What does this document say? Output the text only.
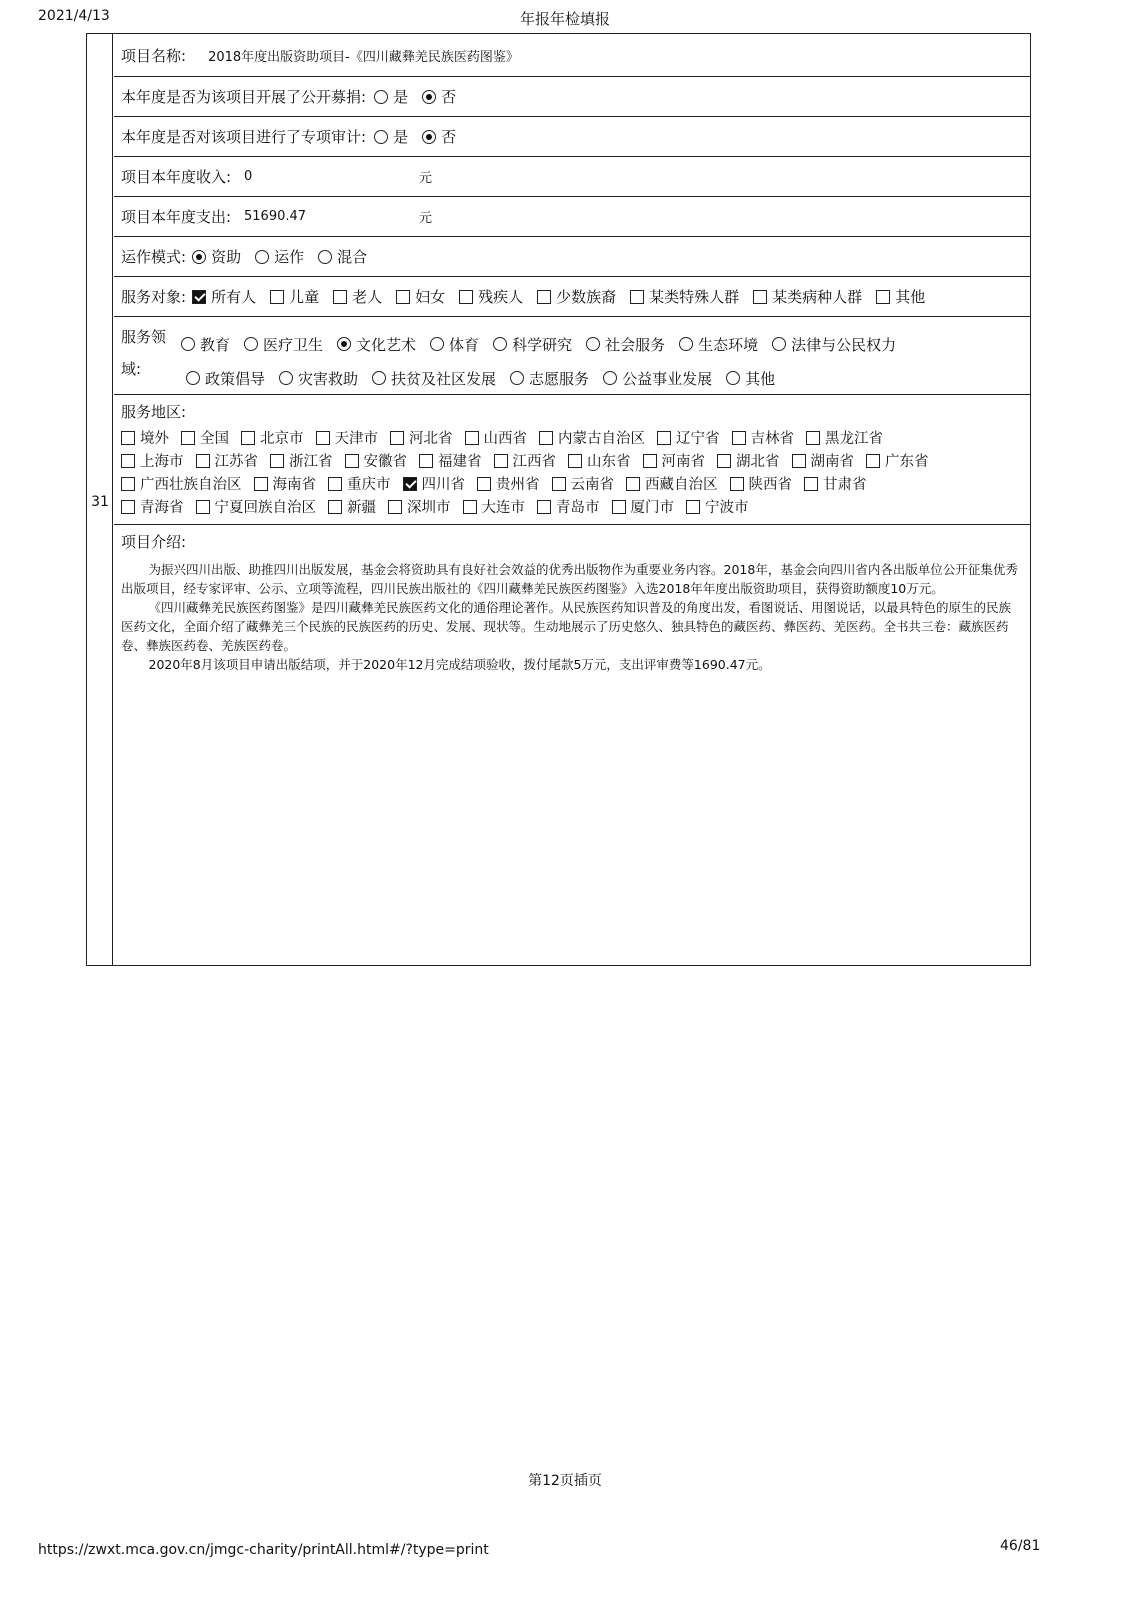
2021/4/13	年报年检填报
31
项目名称: 2018年度出版资助项目-《四川藏彝羌民族医药图鉴》
本年度是否为该项目开展了公开募捐: 是 否
本年度是否对该项目进行了专项审计: 是 否
项目本年度收入: 0	元
项目本年度支出: 51690.47	元
运作模式: 资助 运作 混合
服务对象: 所有人 儿童 老人 妇女 残疾人 少数族裔 某类特殊人群 某类病种人群 其他
服务领域:
教育 医疗卫生 文化艺术 体育 科学研究 社会服务 生态环境 法律与公民权力
政策倡导 灾害救助 扶贫及社区发展 志愿服务 公益事业发展 其他
服务地区:
境外 全国 北京市 天津市 河北省 山西省 内蒙古自治区 辽宁省 吉林省 黑龙江省
上海市 江苏省 浙江省 安徽省 福建省 江西省 山东省 河南省 湖北省 湖南省 广东省
广西壮族自治区 海南省 重庆市 四川省 贵州省 云南省 西藏自治区 陕西省 甘肃省
青海省 宁夏回族自治区 新疆 深圳市 大连市 青岛市 厦门市 宁波市
项目介绍:
为振兴四川出版、助推四川出版发展，基金会将资助具有良好社会效益的优秀出版物作为重要业务内容。2018年，基金会向四川省内各出版单位公开征集优秀出版项目，经专家评审、公示、立项等流程，四川民族出版社的《四川藏彝羌民族医药图鉴》入选2018年年度出版资助项目，获得资助额度10万元。
《四川藏彝羌民族医药图鉴》是四川藏彝羌民族医药文化的通俗理论著作。从民族医药知识普及的角度出发，看图说话、用图说话，以最具特色的原生的民族医药文化，全面介绍了藏彝羌三个民族的民族医药的历史、发展、现状等。生动地展示了历史悠久、独具特色的藏医药、彝医药、羌医药。全书共三卷：藏族医药卷、彝族医药卷、羌族医药卷。
2020年8月该项目申请出版结项，并于2020年12月完成结项验收，拨付尾款5万元，支出评审费等1690.47元。
第12页插页
https://zwxt.mca.gov.cn/jmgc-charity/printAll.html#/?type=print	46/81
